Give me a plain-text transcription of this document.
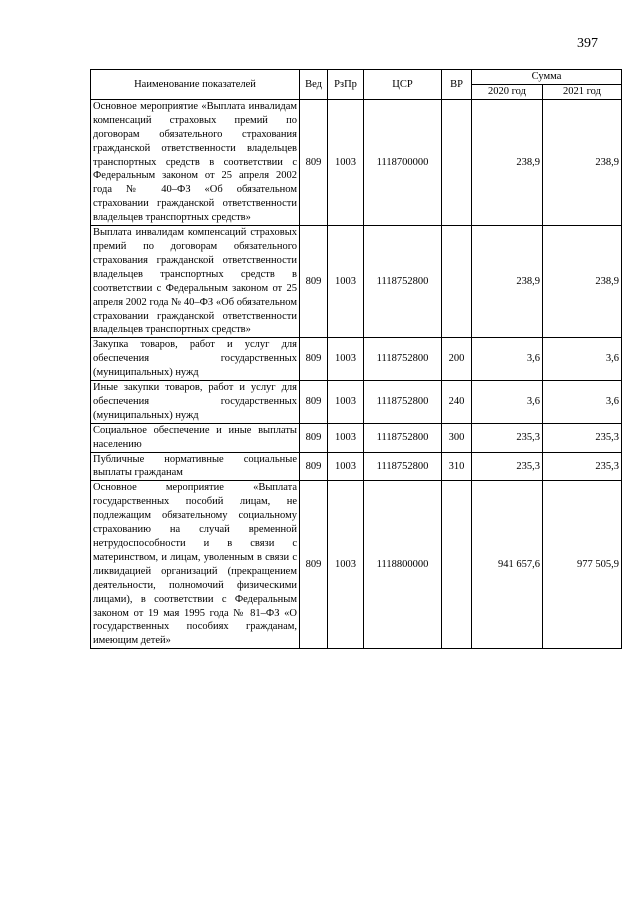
397
Наименование показателей	Вед	РзПр	ЦСР	ВР	Сумма	
					2020 год	2021 год
Основное мероприятие «Выплата инвалидам компенсаций страховых премий по договорам обязательного страхования гражданской ответственности владельцев транспортных средств в соответствии с Федеральным законом от 25 апреля 2002 года № 40–ФЗ «Об обязательном страховании гражданской ответственности владельцев транспортных средств»	809	1003	1118700000		238,9	238,9
Выплата инвалидам компенсаций страховых премий по договорам обязательного страхования гражданской ответственности владельцев транспортных средств в соответствии с Федеральным законом от 25 апреля 2002 года № 40–ФЗ «Об обязательном страховании гражданской ответственности владельцев транспортных средств»	809	1003	1118752800		238,9	238,9
Закупка товаров, работ и услуг для обеспечения государственных (муниципальных) нужд	809	1003	1118752800	200	3,6	3,6
Иные закупки товаров, работ и услуг для обеспечения государственных (муниципальных) нужд	809	1003	1118752800	240	3,6	3,6
Социальное обеспечение и иные выплаты населению	809	1003	1118752800	300	235,3	235,3
Публичные нормативные социальные выплаты гражданам	809	1003	1118752800	310	235,3	235,3
Основное мероприятие «Выплата государственных пособий лицам, не подлежащим обязательному социальному страхованию на случай временной нетрудоспособности и в связи с материнством, и лицам, уволенным в связи с ликвидацией организаций (прекращением деятельности, полномочий физическими лицами), в соответствии с Федеральным законом от 19 мая 1995 года № 81–ФЗ «О государственных пособиях гражданам, имеющим детей»	809	1003	1118800000		941 657,6	977 505,9
